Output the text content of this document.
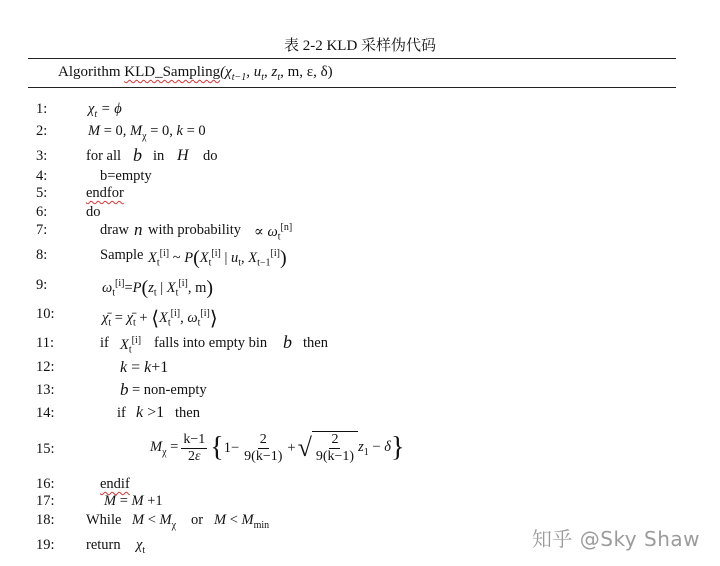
表 2-2 KLD 采样伪代码
Algorithm $KLD\_Sampling(\chi_{t-1}$, $u_t$, $z_t$, m, ε, δ)
1:	$\chi_t = \phi$
2:	M = 0, $M_\chi = 0$, k = 0
3:	for all b in H do
4:	b=empty
5:	endfor
6:	do
7:	draw n with probability ∝ $\omega_t[n]$
8:	Sample $X_t[i]$ ~ $P(X_t[i]$ | $u_t$, $X_{t-1}[i]$)
9:	$\omega_t[i]=P(z_t$ | $X_t[i]$, m)
10:	$\chī_t$ = $\chī_t$ + $⟨X_t[i]$, $\omega_t[i]⟩$
11:	if $X_t[i]$ falls into empty bin b then
12:	k = k+1
13:	b = non-empty
14:	if k >1 then
15:	$M_\chi = \frac{k-1}{2\varepsilon}$ { $1- \frac{2}{9(k-1)}$ + √ $\frac{2}{9(k-1)} z_1 - \delta$ }
16:	endif
17:	M = M +1
18: While $M < M_\chi$ or $M < M_{min}$
19: return $\chi_t$	知乎 @Sky Shaw
